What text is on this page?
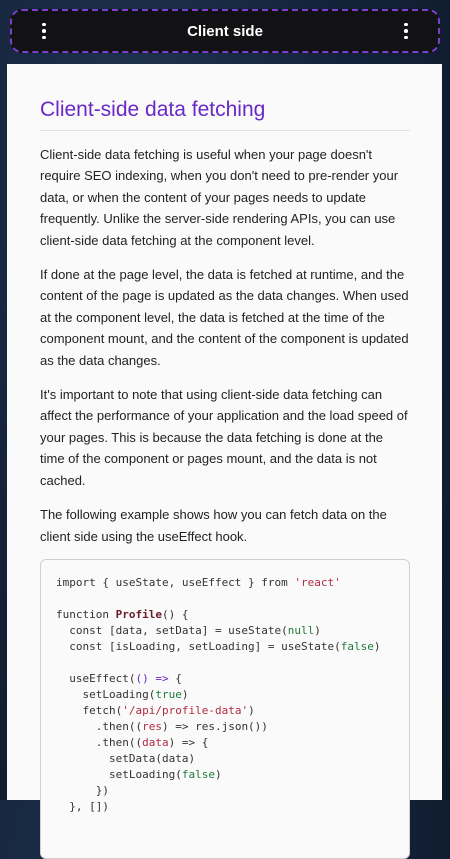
Client side
Client-side data fetching

Client-side data fetching is useful when your page doesn't require SEO indexing, when you don't need to pre-render your data, or when the content of your pages needs to update frequently. Unlike the server-side rendering APIs, you can use client-side data fetching at the component level.

If done at the page level, the data is fetched at runtime, and the content of the page is updated as the data changes. When used at the component level, the data is fetched at the time of the component mount, and the content of the component is updated as the data changes.

It's important to note that using client-side data fetching can affect the performance of your application and the load speed of your pages. This is because the data fetching is done at the time of the component or pages mount, and the data is not cached.

The following example shows how you can fetch data on the client side using the useEffect hook.

import { useState, useEffect } from 'react'
function Profile() {
const [data, setData] = useState(null)
const [isLoading, setLoading] = useState(false)
useEffect(() => {
setLoading(true)
fetch('/api/profile-data')
.then((res) => res.json())
.then((data) => {
setData(data)
setLoading(false)
})
}, [])
